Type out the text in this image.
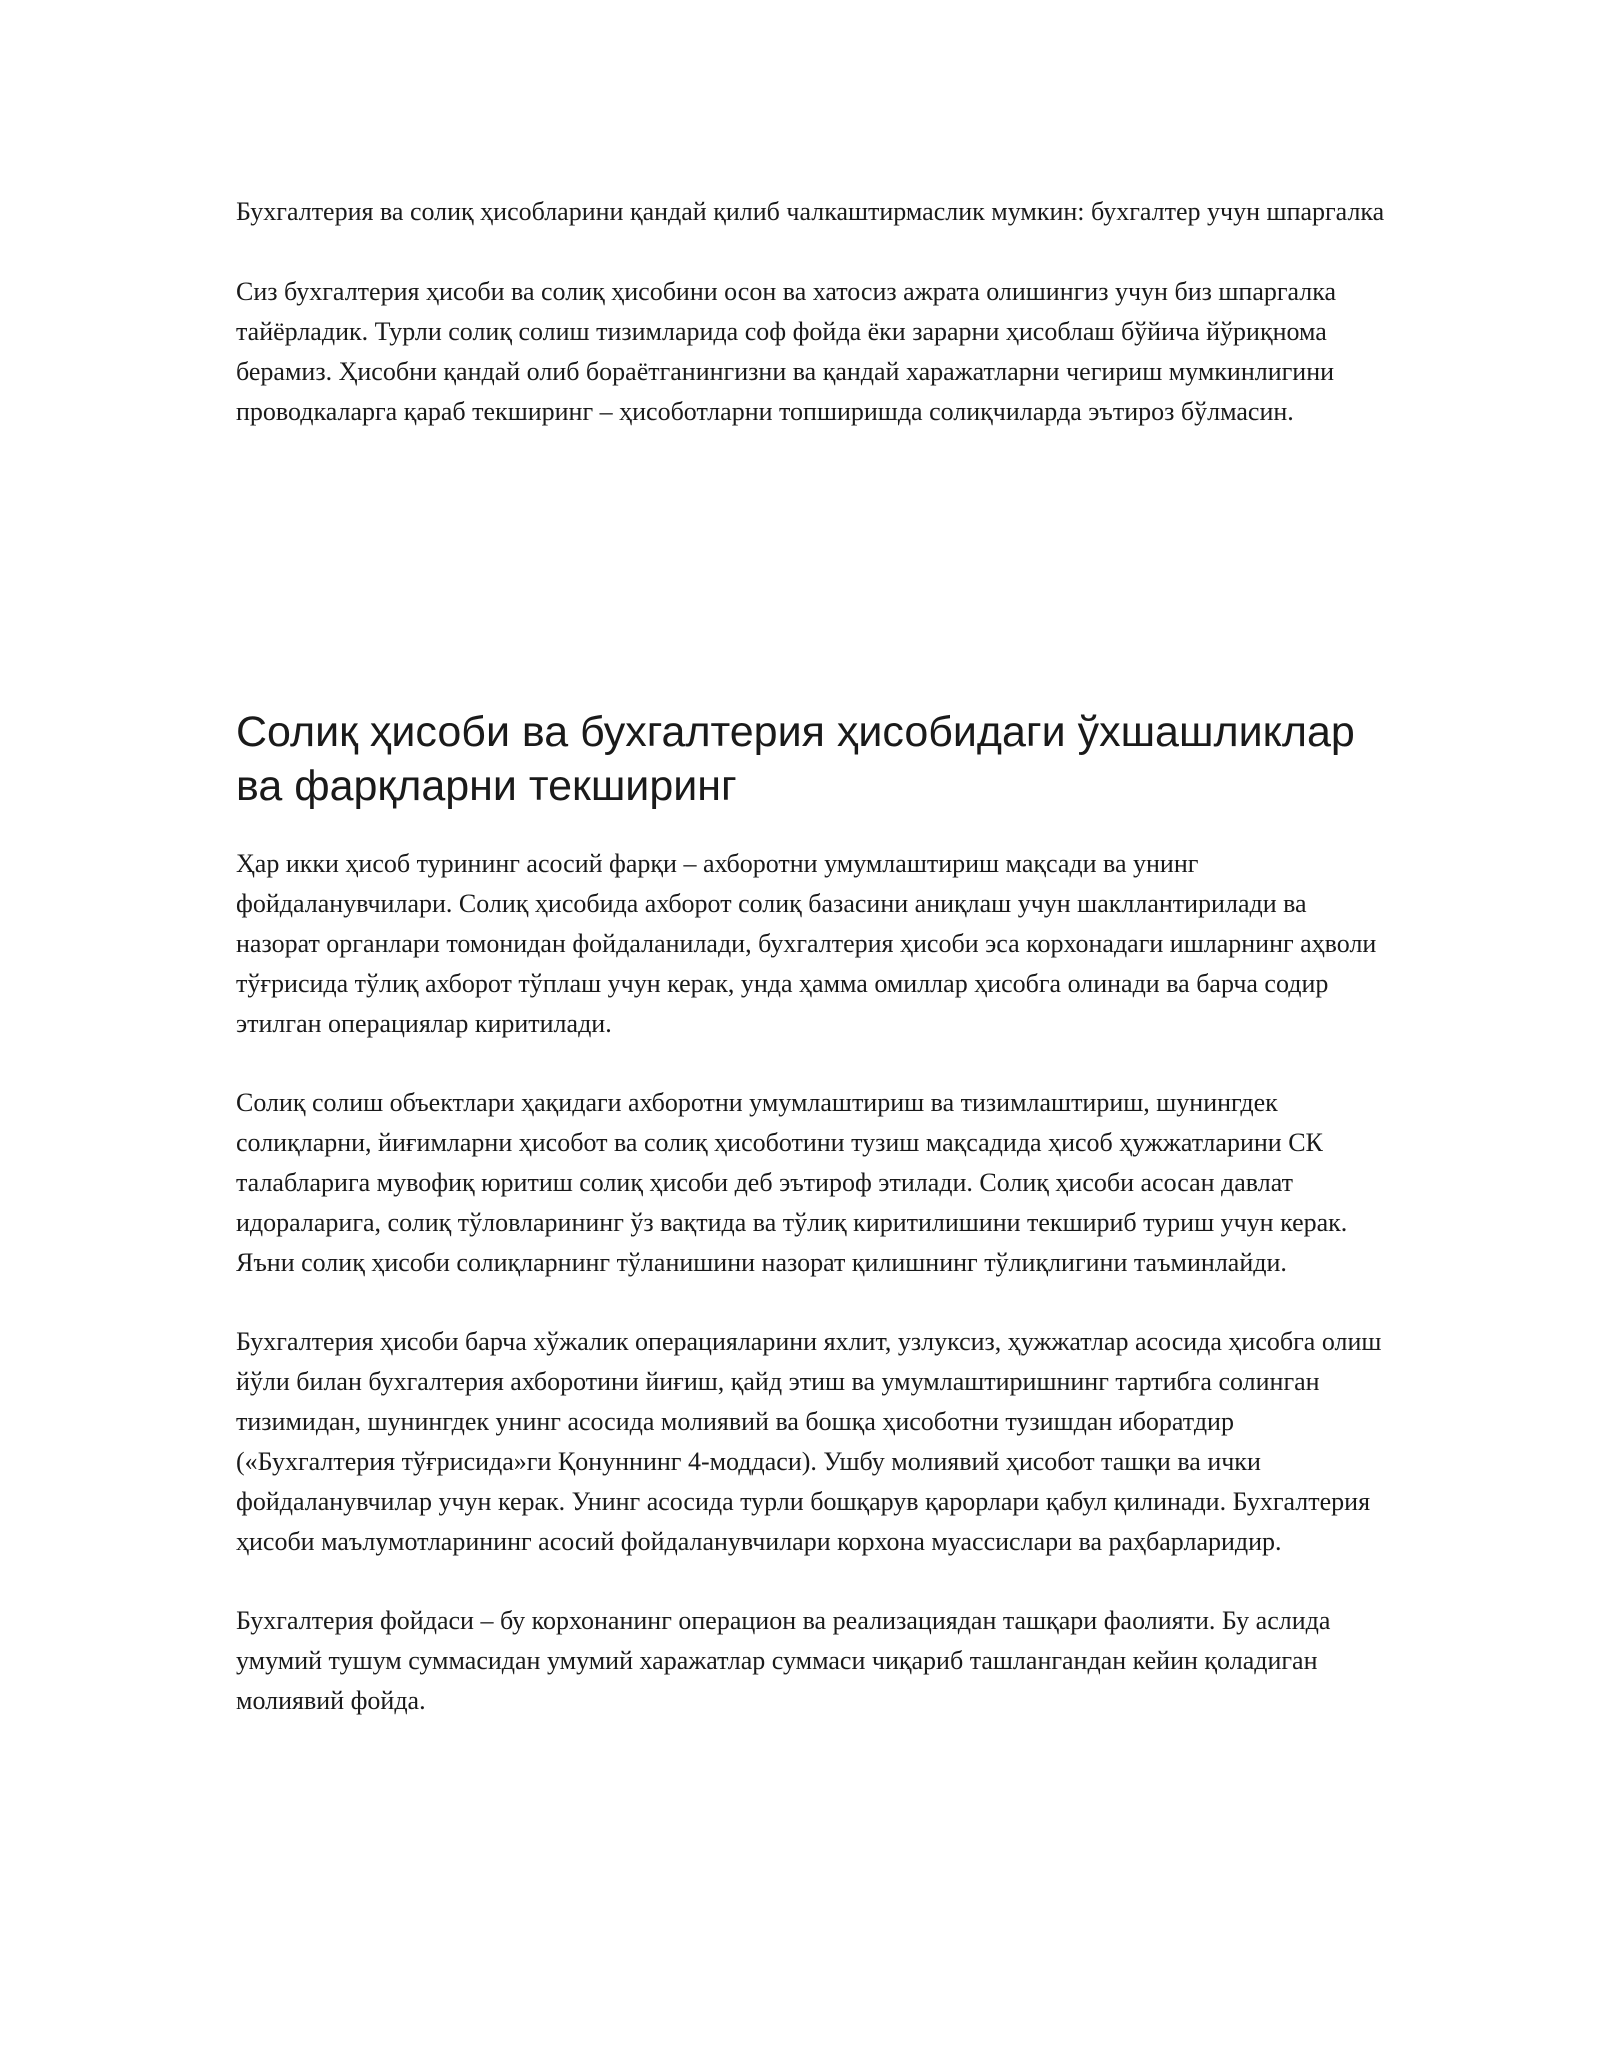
Бухгалтерия ва солиқ ҳисобларини қандай қилиб чалкаштирмаслик мумкин: бухгалтер учун шпаргалка

Сиз бухгалтерия ҳисоби ва солиқ ҳисобини осон ва хатосиз ажрата олишингиз учун биз шпаргалка тайёрладик. Турли солиқ солиш тизимларида соф фойда ёки зарарни ҳисоблаш бўйича йўриқнома берамиз. Ҳисобни қандай олиб бораётганингизни ва қандай харажатларни чегириш мумкинлигини проводкаларга қараб текширинг – ҳисоботларни топширишда солиқчиларда эътироз бўлмасин.

Солиқ ҳисоби ва бухгалтерия ҳисобидаги ўхшашликлар ва фарқларни текширинг

Ҳар икки ҳисоб турининг асосий фарқи – ахборотни умумлаштириш мақсади ва унинг фойдаланувчилари. Солиқ ҳисобида ахборот солиқ базасини аниқлаш учун шакллантирилади ва назорат органлари томонидан фойдаланилади, бухгалтерия ҳисоби эса корхонадаги ишларнинг аҳволи тўғрисида тўлиқ ахборот тўплаш учун керак, унда ҳамма омиллар ҳисобга олинади ва барча содир этилган операциялар киритилади.

Солиқ солиш объектлари ҳақидаги ахборотни умумлаштириш ва тизимлаштириш, шунингдек солиқларни, йиғимларни ҳисобот ва солиқ ҳисоботини тузиш мақсадида ҳисоб ҳужжатларини СК талабларига мувофиқ юритиш солиқ ҳисоби деб эътироф этилади. Солиқ ҳисоби асосан давлат идораларига, солиқ тўловларининг ўз вақтида ва тўлиқ киритилишини текшириб туриш учун керак. Яъни солиқ ҳисоби солиқларнинг тўланишини назорат қилишнинг тўлиқлигини таъминлайди.

Бухгалтерия ҳисоби барча хўжалик операцияларини яхлит, узлуксиз, ҳужжатлар асосида ҳисобга олиш йўли билан бухгалтерия ахборотини йиғиш, қайд этиш ва умумлаштиришнинг тартибга солинган тизимидан, шунингдек унинг асосида молиявий ва бошқа ҳисоботни тузишдан иборатдир («Бухгалтерия тўғрисида»ги Қонуннинг 4-моддаси). Ушбу молиявий ҳисобот ташқи ва ички фойдаланувчилар учун керак. Унинг асосида турли бошқарув қарорлари қабул қилинади. Бухгалтерия ҳисоби маълумотларининг асосий фойдаланувчилари корхона муассислари ва раҳбарларидир.

Бухгалтерия фойдаси – бу корхонанинг операцион ва реализациядан ташқари фаолияти. Бу аслида умумий тушум суммасидан умумий харажатлар суммаси чиқариб ташлангандан кейин қоладиган молиявий фойда.
